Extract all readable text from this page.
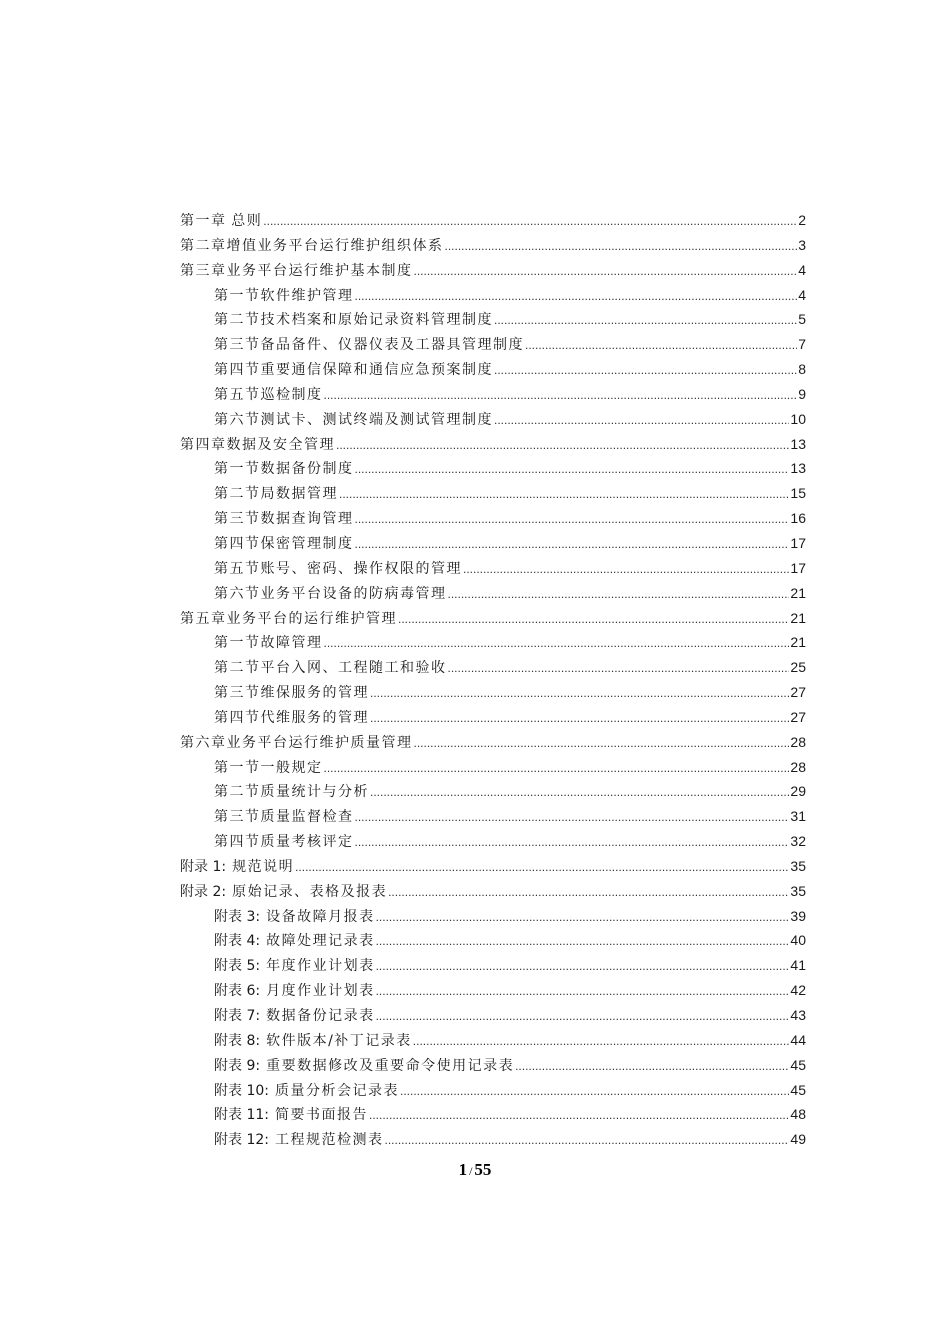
第一章 总则 .....	2
第二章 增值业务平台运行维护组织体系 .....	3
第三章 业务平台运行维护基本制度 .....	4
第一节 软件维护管理 .....	4
第二节 技术档案和原始记录资料管理制度 .....	5
第三节 备品备件、仪器仪表及工器具管理制度 .....	7
第四节 重要通信保障和通信应急预案制度 .....	8
第五节 巡检制度 .....	9
第六节 测试卡、测试终端及测试管理制度 .....	10
第四章 数据及安全管理 .....	13
第一节 数据备份制度 .....	13
第二节 局数据管理 .....	15
第三节 数据查询管理 .....	16
第四节 保密管理制度 .....	17
第五节 账号、密码、操作权限的管理 .....	17
第六节 业务平台设备的防病毒管理 .....	21
第五章 业务平台的运行维护管理 .....	21
第一节 故障管理 .....	21
第二节 平台入网、工程随工和验收 .....	25
第三节 维保服务的管理 .....	27
第四节 代维服务的管理 .....	27
第六章 业务平台运行维护质量管理 .....	28
第一节 一般规定 .....	28
第二节 质量统计与分析 .....	29
第三节 质量监督检查 .....	31
第四节 质量考核评定 .....	32
附录 1: 规范说明 .....	35
附录 2: 原始记录、表格及报表 .....	35
附表 3: 设备故障月报表 .....	39
附表 4: 故障处理记录表 .....	40
附表 5: 年度作业计划表 .....	41
附表 6: 月度作业计划表 .....	42
附表 7: 数据备份记录表 .....	43
附表 8: 软件版本/补丁记录表 .....	44
附表 9: 重要数据修改及重要命令使用记录表 .....	45
附表 10: 质量分析会记录表 .....	45
附表 11: 简要书面报告 .....	48
附表 12: 工程规范检测表 .....	49
1 / 55
